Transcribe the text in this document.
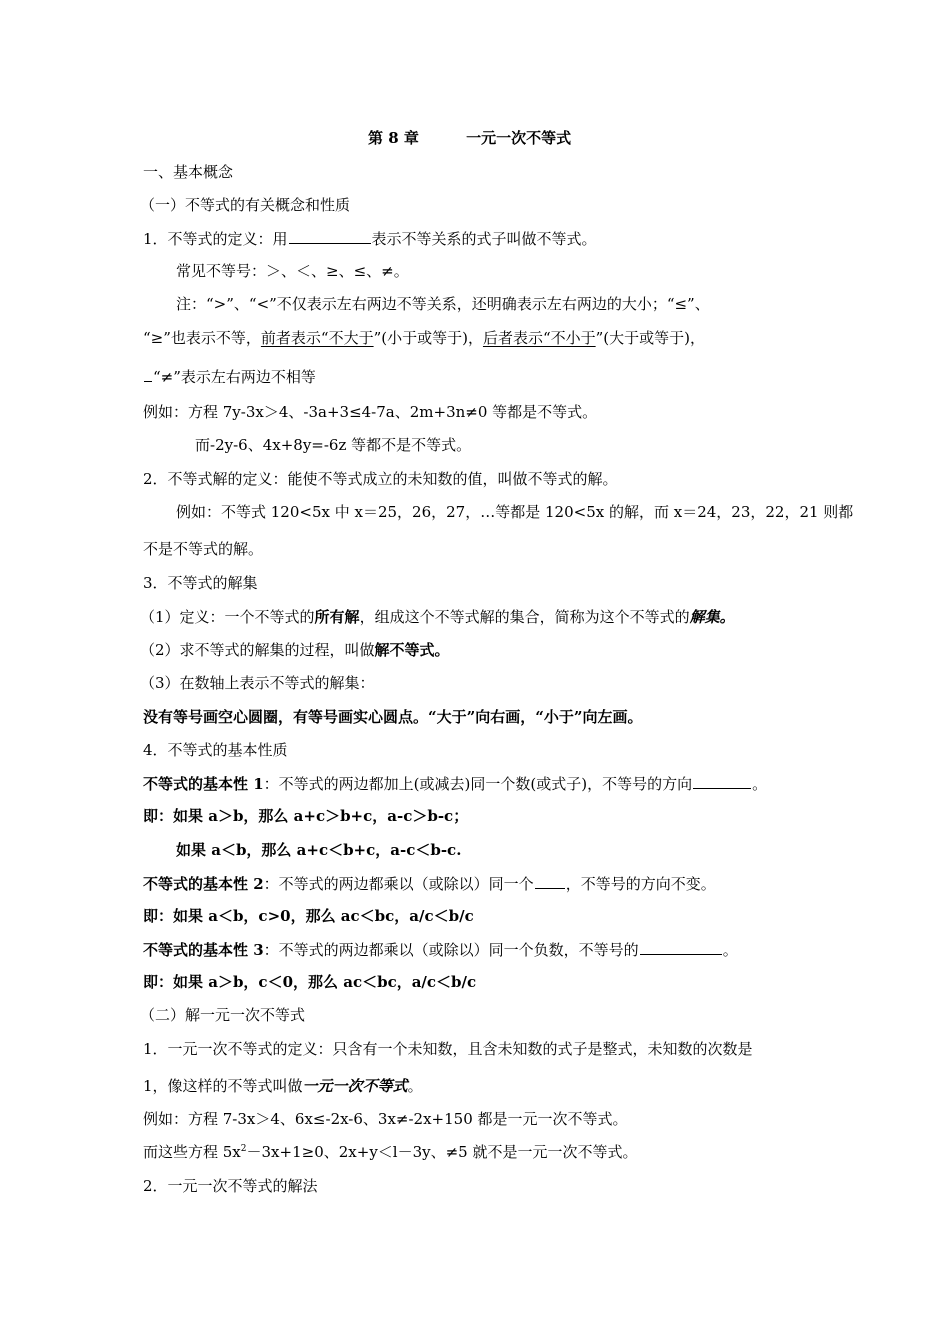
第 8 章	一元一次不等式
一、基本概念
（一）不等式的有关概念和性质
1．不等式的定义：用	表示不等关系的式子叫做不等式。
常见不等号：＞、＜、≥、≤、≠。
注：“>”、“<”不仅表示左右两边不等关系，还明确表示左右两边的大小；“≤”、
“≥”也表示不等，前者表示“不大于”(小于或等于)，后者表示“不小于”(大于或等于)，
“≠”表示左右两边不相等
例如：方程 7y-3x＞4、-3a+3≤4-7a、2m+3n≠0 等都是不等式。
而-2y-6、4x+8y=-6z 等都不是不等式。
2．不等式解的定义：能使不等式成立的未知数的值，叫做不等式的解。
例如：不等式 120<5x 中 x＝25，26，27，…等都是 120<5x 的解，而 x＝24，23，22，21 则都
不是不等式的解。
3．不等式的解集
（1）定义：一个不等式的所有解，组成这个不等式解的集合，简称为这个不等式的解集。
（2）求不等式的解集的过程，叫做解不等式。
（3）在数轴上表示不等式的解集：
没有等号画空心圆圈，有等号画实心圆点。“大于”向右画，“小于”向左画。
4．不等式的基本性质
不等式的基本性 1：不等式的两边都加上(或减去)同一个数(或式子)，不等号的方向	。
即：如果 a＞b，那么 a+c＞b+c，a-c＞b-c；
如果 a＜b，那么 a+c＜b+c，a-c＜b-c.
不等式的基本性 2：不等式的两边都乘以（或除以）同一个 ，不等号的方向不变。
即：如果 a＜b，c>0，那么 ac＜bc，a/c＜b/c
不等式的基本性 3：不等式的两边都乘以（或除以）同一个负数，不等号的	。
即：如果 a＞b，c＜0，那么 ac＜bc，a/c＜b/c
（二）解一元一次不等式
1．一元一次不等式的定义：只含有一个未知数，且含未知数的式子是整式，未知数的次数是
1，像这样的不等式叫做一元一次不等式。
例如：方程 7-3x＞4、6x≤-2x-6、3x≠-2x+150 都是一元一次不等式。
而这些方程 $5x^2-3x+1\ge 0$、2x+y＜l－3y、≠5 就不是一元一次不等式。
2．一元一次不等式的解法
